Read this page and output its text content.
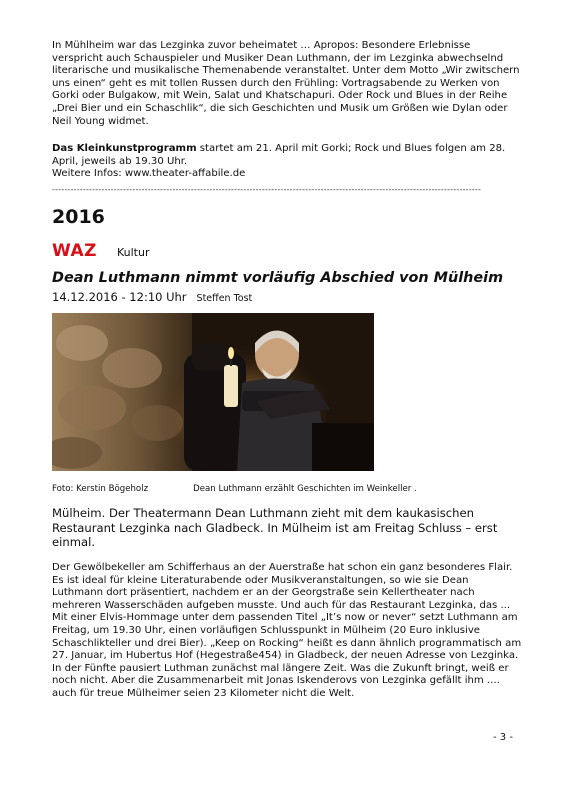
In Mühlheim war das Lezginka zuvor beheimatet … Apropos: Besondere Erlebnisse verspricht auch Schauspieler und Musiker Dean Luthmann, der im Lezginka abwechselnd literarische und musikalische Themenabende veranstaltet. Unter dem Motto „Wir zwitschern uns einen“ geht es mit tollen Russen durch den Frühling: Vortragsabende zu Werken von Gorki oder Bulgakow, mit Wein, Salat und Khatschapuri. Oder Rock und Blues in der Reihe „Drei Bier und ein Schaschlik“, die sich Geschichten und Musik um Größen wie Dylan oder Neil Young widmet.

Das Kleinkunstprogramm startet am 21. April mit Gorki; Rock und Blues folgen am 28. April, jeweils ab 19.30 Uhr.

Weitere Infos: www.theater-affabile.de

-------------------------------------------------------------------------------------------------------------------------------------------
2016
WAZ Kultur
Dean Luthmann nimmt vorläufig Abschied von Mülheim
14.12.2016 - 12:10 Uhr Steffen Tost
Foto: Kerstin Bögeholz	Dean Luthmann erzählt Geschichten im Weinkeller .

Mülheim. Der Theatermann Dean Luthmann zieht mit dem kaukasischen Restaurant Lezginka nach Gladbeck. In Mülheim ist am Freitag Schluss – erst einmal.

Der Gewölbekeller am Schifferhaus an der Auerstraße hat schon ein ganz besonderes Flair. Es ist ideal für kleine Literaturabende oder Musikveranstaltungen, so wie sie Dean Luthmann dort präsentiert, nachdem er an der Georgstraße sein Kellertheater nach mehreren Wasserschäden aufgeben musste. Und auch für das Restaurant Lezginka, das ... Mit einer Elvis-Hommage unter dem passenden Titel „It’s now or never“ setzt Luthmann am Freitag, um 19.30 Uhr, einen vorläufigen Schlusspunkt in Mülheim (20 Euro inklusive Schaschlikteller und drei Bier). „Keep on Rocking“ heißt es dann ähnlich programmatisch am 27. Januar, im Hubertus Hof (Hegestraße454) in Gladbeck, der neuen Adresse von Lezginka. In der Fünfte pausiert Luthman zunächst mal längere Zeit. Was die Zukunft bringt, weiß er noch nicht. Aber die Zusammenarbeit mit Jonas Iskenderovs von Lezginka gefällt ihm .... auch für treue Mülheimer seien 23 Kilometer nicht die Welt.

- 3 -
